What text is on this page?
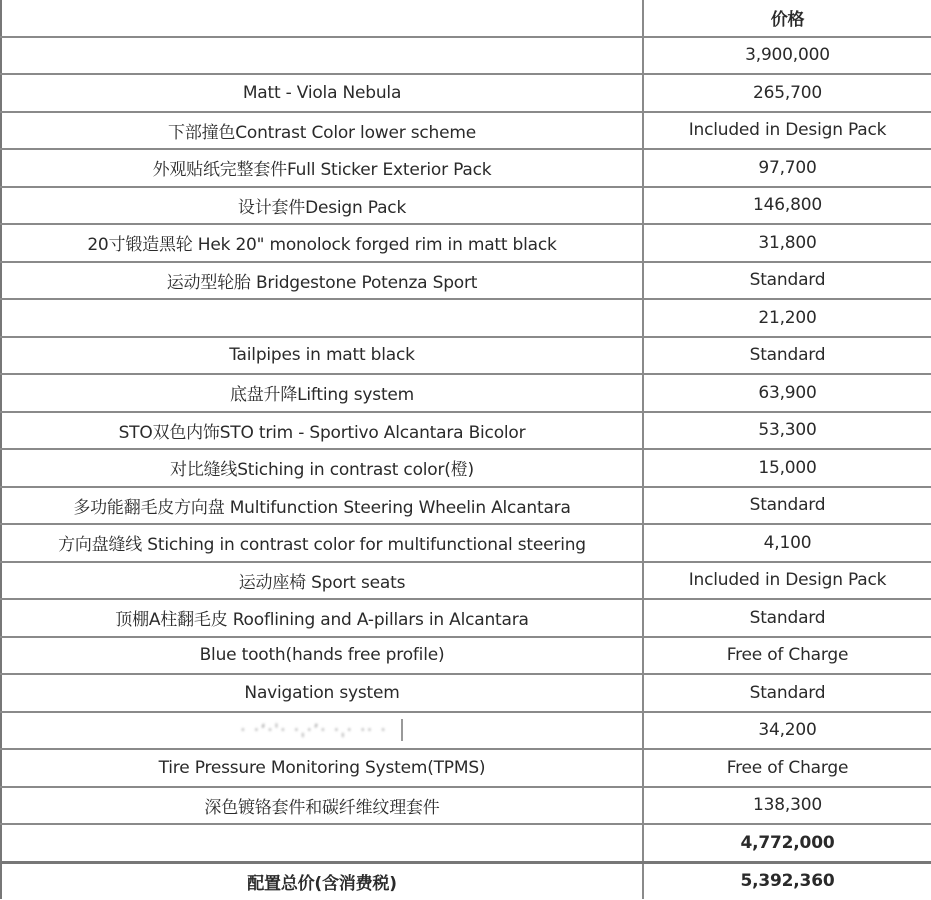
	价格
	3,900,000
Matt - Viola Nebula	265,700
下部撞色Contrast Color lower scheme	Included in Design Pack
外观贴纸完整套件Full Sticker Exterior Pack	97,700
设计套件Design Pack	146,800
20寸锻造黑轮 Hek 20" monolock forged rim in matt black	31,800
运动型轮胎 Bridgestone Potenza Sport	Standard
	21,200
Tailpipes in matt black	Standard
底盘升降Lifting system	63,900
STO双色内饰STO trim - Sportivo Alcantara Bicolor	53,300
对比缝线Stiching in contrast color(橙)	15,000
多功能翻毛皮方向盘 Multifunction Steering Wheelin Alcantara	Standard
方向盘缝线 Stiching in contrast color for multifunctional steering	4,100
运动座椅 Sport seats	Included in Design Pack
顶棚A柱翻毛皮 Rooflining and A-pillars in Alcantara	Standard
Blue tooth(hands free profile)	Free of Charge
Navigation system	Standard
· ·ʻ·ˈ· ·ˌ·ʼ· ·ˌ· ·· ·	34,200
Tire Pressure Monitoring System(TPMS)	Free of Charge
深色镀铬套件和碳纤维纹理套件	138,300
	4,772,000
配置总价(含消费税)	5,392,360
